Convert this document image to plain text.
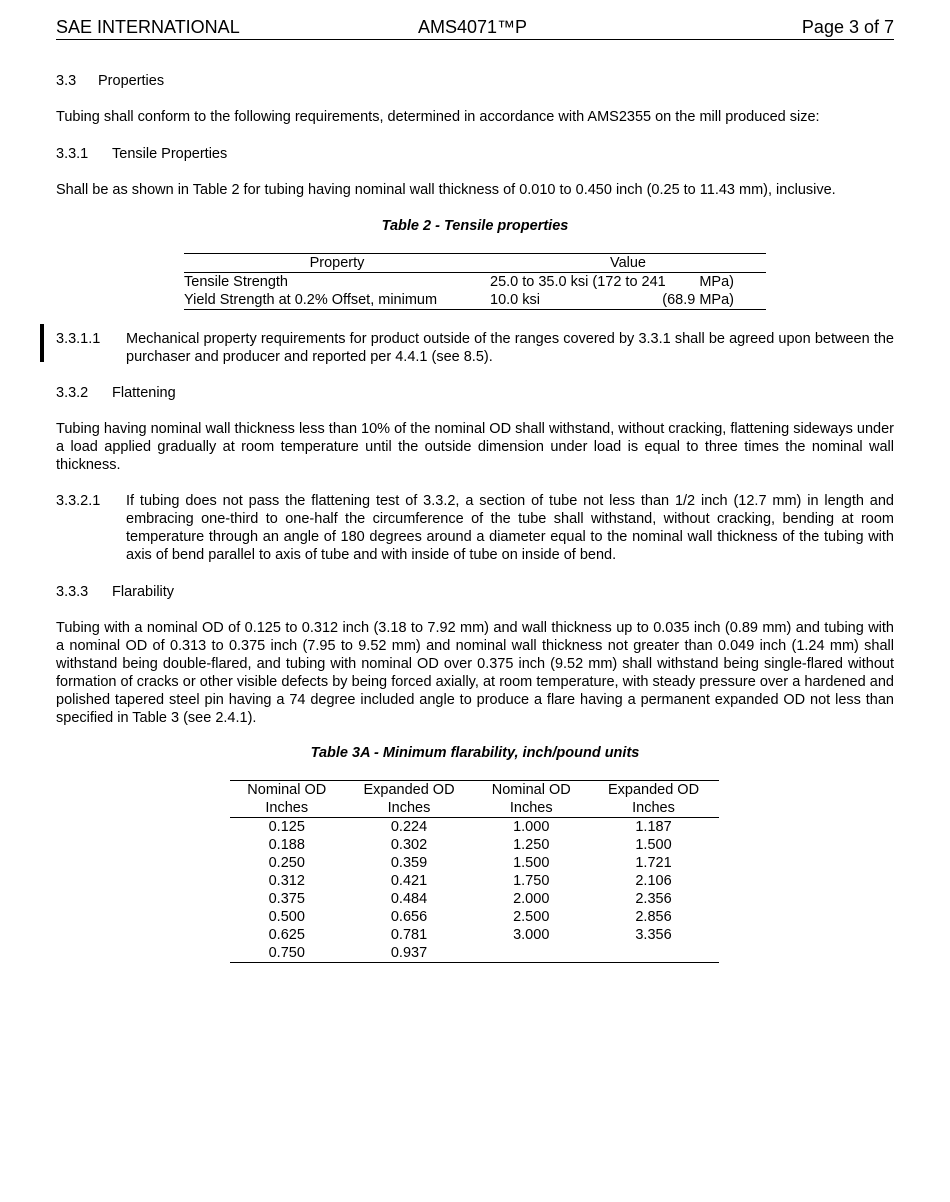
SAE INTERNATIONAL	AMS4071™P	Page 3 of 7
3.3 Properties
Tubing shall conform to the following requirements, determined in accordance with AMS2355 on the mill produced size:
3.3.1 Tensile Properties
Shall be as shown in Table 2 for tubing having nominal wall thickness of 0.010 to 0.450 inch (0.25 to 11.43 mm), inclusive.
Table 2 - Tensile properties
Property	Value
Tensile Strength	25.0 to 35.0 ksi (172 to 241 MPa)

Yield Strength at 0.2% Offset, minimum	10.0 ksi (68.9 MPa)
3.3.1.1 Mechanical property requirements for product outside of the ranges covered by 3.3.1 shall be agreed upon between the purchaser and producer and reported per 4.4.1 (see 8.5).
3.3.2 Flattening
Tubing having nominal wall thickness less than 10% of the nominal OD shall withstand, without cracking, flattening sideways under a load applied gradually at room temperature until the outside dimension under load is equal to three times the nominal wall thickness.
3.3.2.1 If tubing does not pass the flattening test of 3.3.2, a section of tube not less than 1/2 inch (12.7 mm) in length and embracing one-third to one-half the circumference of the tube shall withstand, without cracking, bending at room temperature through an angle of 180 degrees around a diameter equal to the nominal wall thickness of the tubing with axis of bend parallel to axis of tube and with inside of tube on inside of bend.
3.3.3 Flarability
Tubing with a nominal OD of 0.125 to 0.312 inch (3.18 to 7.92 mm) and wall thickness up to 0.035 inch (0.89 mm) and tubing with a nominal OD of 0.313 to 0.375 inch (7.95 to 9.52 mm) and nominal wall thickness not greater than 0.049 inch (1.24 mm) shall withstand being double-flared, and tubing with nominal OD over 0.375 inch (9.52 mm) shall withstand being single-flared without formation of cracks or other visible defects by being forced axially, at room temperature, with steady pressure over a hardened and polished tapered steel pin having a 74 degree included angle to produce a flare having a permanent expanded OD not less than specified in Table 3 (see 2.4.1).
Table 3A - Minimum flarability, inch/pound units
Nominal OD	Expanded OD	Nominal OD	Expanded OD
Inches	Inches	Inches	Inches
0.125	0.224	1.000	1.187
0.188	0.302	1.250	1.500
0.250	0.359	1.500	1.721
0.312	0.421	1.750	2.106
0.375	0.484	2.000	2.356
0.500	0.656	2.500	2.856
0.625	0.781	3.000	3.356
0.750	0.937		
